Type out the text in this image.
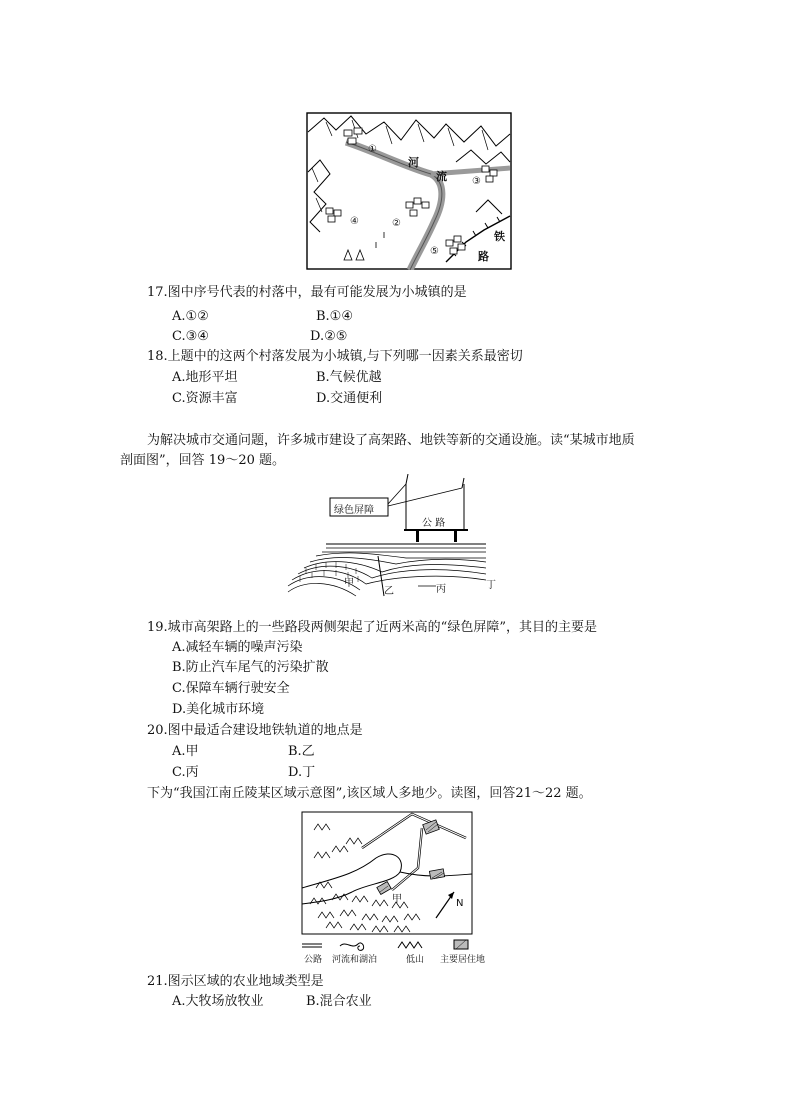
河
流
铁
路
①
②
③
④
⑤
17.图中序号代表的村落中，最有可能发展为小城镇的是
A.①②	B.①④
C.③④	D.②⑤
18.上题中的这两个村落发展为小城镇,与下列哪一因素关系最密切
A.地形平坦	B.气候优越
C.资源丰富	D.交通便利
为解决城市交通问题，许多城市建设了高架路、地铁等新的交通设施。读“某城市地质
剖面图”，回答 19～20 题。
绿色屏障
公 路
甲
乙	丙	丁
19.城市高架路上的一些路段两侧架起了近两米高的“绿色屏障”，其目的主要是
A.减轻车辆的噪声污染
B.防止汽车尾气的污染扩散
C.保障车辆行驶安全
D.美化城市环境
20.图中最适合建设地铁轨道的地点是
A.甲	B.乙
C.丙	D.丁
下为“我国江南丘陵某区域示意图”,该区域人多地少。读图，回答21～22 题。
甲	N
公路 河流和湖泊	低山 主要居住地
21.图示区域的农业地域类型是
A.大牧场放牧业	B.混合农业
